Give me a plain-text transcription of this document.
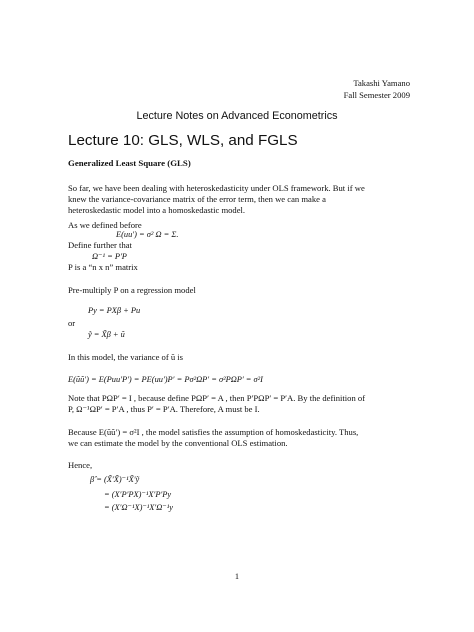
Takashi Yamano
Fall Semester 2009
Lecture Notes on Advanced Econometrics
Lecture 10: GLS, WLS, and FGLS
Generalized Least Square (GLS)
So far, we have been dealing with heteroskedasticity under OLS framework. But if we
knew the variance-covariance matrix of the error term, then we can make a
heteroskedastic model into a homoskedastic model.
As we defined before
E(uu′) = σ² Ω = Σ.
Define further that
Ω⁻¹ = P′P
P is a “n x n” matrix
Pre-multiply P on a regression model
Py = PXβ + Pu
or
ỹ = X̃β + ũ
In this model, the variance of ũ is
E(ũũ′) = E(Puu′P′) = PE(uu′)P′ = Pσ²ΩP′ = σ²PΩP′ = σ²I
Note that PΩP′ = I , because define PΩP′ = A , then P′PΩP′ = P′A. By the definition of
P, Ω⁻¹ΩP′ = P′A , thus P′ = P′A. Therefore, A must be I.
Because E(ũũ′) = σ²I , the model satisfies the assumption of homoskedasticity. Thus,
we can estimate the model by the conventional OLS estimation.
Hence,
β̂ = (X̃′X̃)⁻¹X̃′ỹ
= (X′P′PX)⁻¹X′P′Py
= (X′Ω⁻¹X)⁻¹X′Ω⁻¹y
1
